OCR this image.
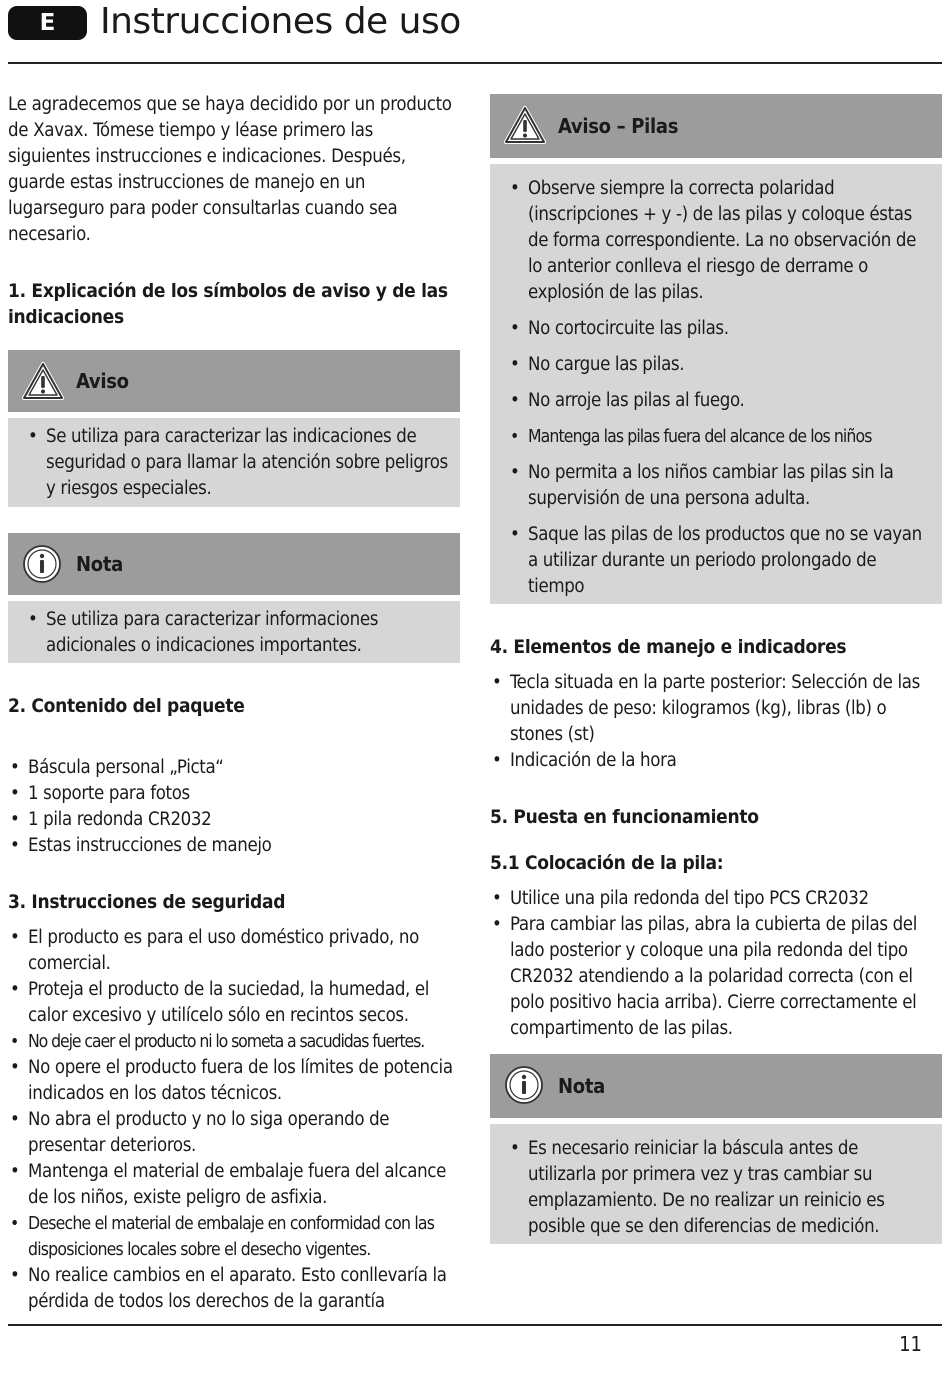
E	Instrucciones de uso

Le agradecemos que se haya decidido por un producto de Xavax. Tómese tiempo y léase primero las siguientes instrucciones e indicaciones. Después, guarde estas instrucciones de manejo en un lugarseguro para poder consultarlas cuando sea necesario.

1. Explicación de los símbolos de aviso y de las indicaciones
Aviso
• Se utiliza para caracterizar las indicaciones de seguridad o para llamar la atención sobre peligros y riesgos especiales.
Nota
• Se utiliza para caracterizar informaciones adicionales o indicaciones importantes.
2. Contenido del paquete
• Báscula personal „Picta“
• 1 soporte para fotos
• 1 pila redonda CR2032
• Estas instrucciones de manejo
3. Instrucciones de seguridad
• El producto es para el uso doméstico privado, no comercial.
• Proteja el producto de la suciedad, la humedad, el calor excesivo y utilícelo sólo en recintos secos.
• No deje caer el producto ni lo someta a sacudidas fuertes.
• No opere el producto fuera de los límites de potencia indicados en los datos técnicos.
• No abra el producto y no lo siga operando de presentar deterioros.
• Mantenga el material de embalaje fuera del alcance de los niños, existe peligro de asfixia.
• Deseche el material de embalaje en conformidad con las disposiciones locales sobre el desecho vigentes.
• No realice cambios en el aparato. Esto conllevaría la pérdida de todos los derechos de la garantía
Aviso – Pilas
• Observe siempre la correcta polaridad (inscripciones + y -) de las pilas y coloque éstas de forma correspondiente. La no observación de lo anterior conlleva el riesgo de derrame o explosión de las pilas.
• No cortocircuite las pilas.
• No cargue las pilas.
• No arroje las pilas al fuego.
• Mantenga las pilas fuera del alcance de los niños
• No permita a los niños cambiar las pilas sin la supervisión de una persona adulta.
• Saque las pilas de los productos que no se vayan a utilizar durante un periodo prolongado de tiempo
4. Elementos de manejo e indicadores
• Tecla situada en la parte posterior: Selección de las unidades de peso: kilogramos (kg), libras (lb) o stones (st)
• Indicación de la hora
5. Puesta en funcionamiento
5.1 Colocación de la pila:
• Utilice una pila redonda del tipo PCS CR2032
• Para cambiar las pilas, abra la cubierta de pilas del lado posterior y coloque una pila redonda del tipo CR2032 atendiendo a la polaridad correcta (con el polo positivo hacia arriba). Cierre correctamente el compartimento de las pilas.
Nota
• Es necesario reiniciar la báscula antes de utilizarla por primera vez y tras cambiar su emplazamiento. De no realizar un reinicio es posible que se den diferencias de medición.
11
